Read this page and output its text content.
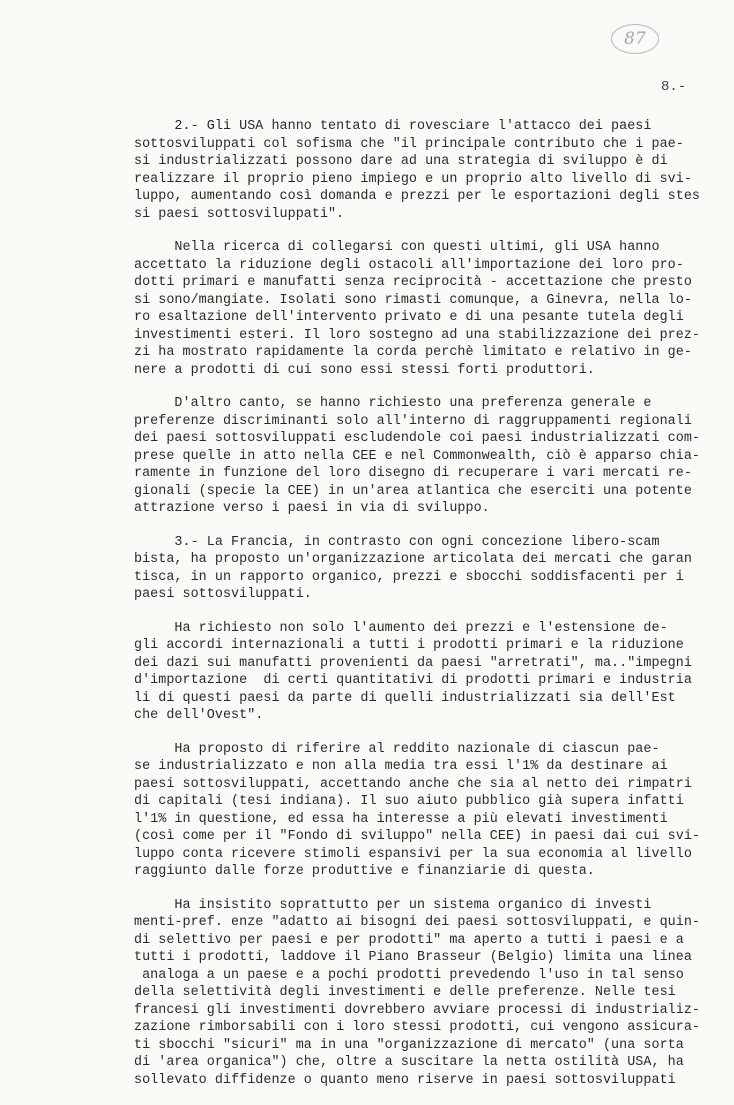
87
8.-
2.- Gli USA hanno tentato di rovesciare l'attacco dei paesi
sottosviluppati col sofisma che "il principale contributo che i pae-
si industrializzati possono dare ad una strategia di sviluppo è di
realizzare il proprio pieno impiego e un proprio alto livello di svi-
luppo, aumentando così domanda e prezzi per le esportazioni degli stes
si paesi sottosviluppati".
Nella ricerca di collegarsi con questi ultimi, gli USA hanno
accettato la riduzione degli ostacoli all'importazione dei loro pro-
dotti primari e manufatti senza reciprocità - accettazione che presto
si sono/mangiate. Isolati sono rimasti comunque, a Ginevra, nella lo-
ro esaltazione dell'intervento privato e di una pesante tutela degli
investimenti esteri. Il loro sostegno ad una stabilizzazione dei prez-
zi ha mostrato rapidamente la corda perchè limitato e relativo in ge-
nere a prodotti di cui sono essi stessi forti produttori.
D'altro canto, se hanno richiesto una preferenza generale e
preferenze discriminanti solo all'interno di raggruppamenti regionali
dei paesi sottosviluppati escludendole coi paesi industrializzati com-
prese quelle in atto nella CEE e nel Commonwealth, ciò è apparso chia-
ramente in funzione del loro disegno di recuperare i vari mercati re-
gionali (specie la CEE) in un'area atlantica che eserciti una potente
attrazione verso i paesi in via di sviluppo.
3.- La Francia, in contrasto con ogni concezione libero-scam
bista, ha proposto un'organizzazione articolata dei mercati che garan
tisca, in un rapporto organico, prezzi e sbocchi soddisfacenti per i
paesi sottosviluppati.
Ha richiesto non solo l'aumento dei prezzi e l'estensione de-
gli accordi internazionali a tutti i prodotti primari e la riduzione
dei dazi sui manufatti provenienti da paesi "arretrati", ma.."impegni
d'importazione  di certi quantitativi di prodotti primari e industria
li di questi paesi da parte di quelli industrializzati sia dell'Est
che dell'Ovest".
Ha proposto di riferire al reddito nazionale di ciascun pae-
se industrializzato e non alla media tra essi l'1% da destinare ai
paesi sottosviluppati, accettando anche che sia al netto dei rimpatri
di capitali (tesi indiana). Il suo aiuto pubblico già supera infatti
l'1% in questione, ed essa ha interesse a più elevati investimenti
(così come per il "Fondo di sviluppo" nella CEE) in paesi dai cui svi-
luppo conta ricevere stimoli espansivi per la sua economia al livello
raggiunto dalle forze produttive e finanziarie di questa.
Ha insistito soprattutto per un sistema organico di investi
menti-pref. enze "adatto ai bisogni dei paesi sottosviluppati, e quin-
di selettivo per paesi e per prodotti" ma aperto a tutti i paesi e a
tutti i prodotti, laddove il Piano Brasseur (Belgio) limita una linea
analoga a un paese e a pochi prodotti prevedendo l'uso in tal senso
della selettività degli investimenti e delle preferenze. Nelle tesi
francesi gli investimenti dovrebbero avviare processi di industrializ-
zazione rimborsabili con i loro stessi prodotti, cui vengono assicura-
ti sbocchi "sicuri" ma in una "organizzazione di mercato" (una sorta
di 'area organica") che, oltre a suscitare la netta ostilità USA, ha
sollevato diffidenze o quanto meno riserve in paesi sottosviluppati
